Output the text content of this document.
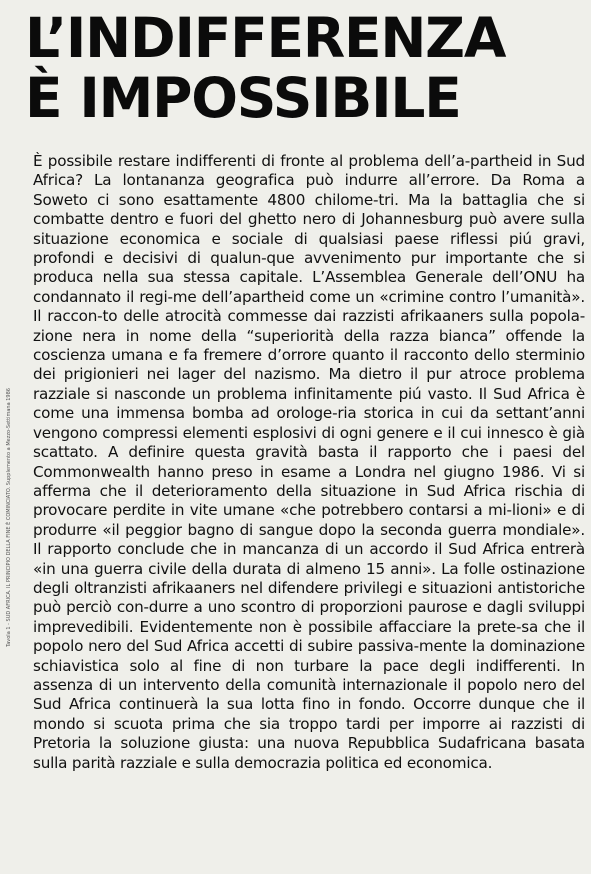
L’INDIFFERENZA
È IMPOSSIBILE

È possibile restare indifferenti di fronte al problema dell’a-partheid in Sud Africa? La lontananza geografica può indurre all’errore. Da Roma a Soweto ci sono esattamente 4800 chilome-tri. Ma la battaglia che si combatte dentro e fuori del ghetto nero di Johannesburg può avere sulla situazione economica e sociale di qualsiasi paese riflessi piú gravi, profondi e decisivi di qualun-que avvenimento pur importante che si produca nella sua stessa capitale. L’Assemblea Generale dell’ONU ha condannato il regi-me dell’apartheid come un «crimine contro l’umanità». Il raccon-to delle atrocità commesse dai razzisti afrikaaners sulla popola-zione nera in nome della “superiorità della razza bianca” offende la coscienza umana e fa fremere d’orrore quanto il racconto dello sterminio dei prigionieri nei lager del nazismo. Ma dietro il pur atroce problema razziale si nasconde un problema infinitamente piú vasto. Il Sud Africa è come una immensa bomba ad orologe-ria storica in cui da settant’anni vengono compressi elementi esplosivi di ogni genere e il cui innesco è già scattato. A definire questa gravità basta il rapporto che i paesi del Commonwealth hanno preso in esame a Londra nel giugno 1986. Vi si afferma che il deterioramento della situazione in Sud Africa rischia di provocare perdite in vite umane «che potrebbero contarsi a mi-lioni» e di produrre «il peggior bagno di sangue dopo la seconda guerra mondiale». Il rapporto conclude che in mancanza di un accordo il Sud Africa entrerà «in una guerra civile della durata di almeno 15 anni». La folle ostinazione degli oltranzisti afrikaaners nel difendere privilegi e situazioni antistoriche può perciò con-durre a uno scontro di proporzioni paurose e dagli sviluppi imprevedibili. Evidentemente non è possibile affacciare la prete-sa che il popolo nero del Sud Africa accetti di subire passiva-mente la dominazione schiavistica solo al fine di non turbare la pace degli indifferenti. In assenza di un intervento della comunità internazionale il popolo nero del Sud Africa continuerà la sua lotta fino in fondo. Occorre dunque che il mondo si scuota prima che sia troppo tardi per imporre ai razzisti di Pretoria la soluzione giusta: una nuova Repubblica Sudafricana basata sulla parità razziale e sulla democrazia politica ed economica.

Tavola 1 - SUD AFRICA. IL PRINCIPIO DELLA FINE È COMINCIATO. Supplemento a Mezzo-Settimana 1986
